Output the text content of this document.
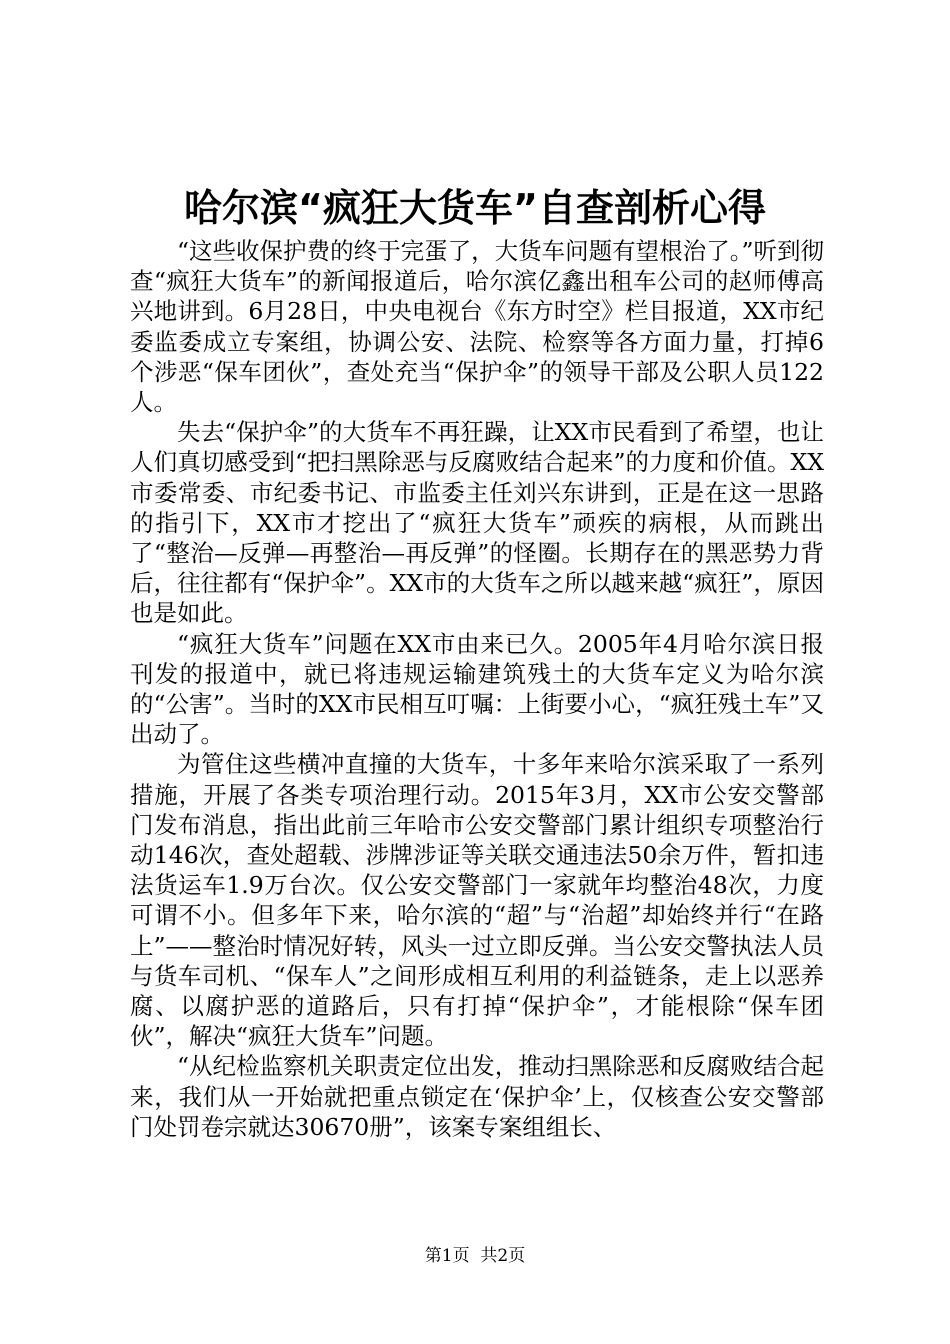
哈尔滨“疯狂大货车”自查剖析心得

“这些收保护费的终于完蛋了，大货车问题有望根治了。”听到彻查“疯狂大货车”的新闻报道后，哈尔滨亿鑫出租车公司的赵师傅高兴地讲到。6月28日，中央电视台《东方时空》栏目报道，XX市纪委监委成立专案组，协调公安、法院、检察等各方面力量，打掉6个涉恶“保车团伙”，查处充当“保护伞”的领导干部及公职人员122人。

失去“保护伞”的大货车不再狂躁，让XX市民看到了希望，也让人们真切感受到“把扫黑除恶与反腐败结合起来”的力度和价值。XX市委常委、市纪委书记、市监委主任刘兴东讲到，正是在这一思路的指引下，XX市才挖出了“疯狂大货车”顽疾的病根，从而跳出了“整治—反弹—再整治—再反弹”的怪圈。长期存在的黑恶势力背后，往往都有“保护伞”。XX市的大货车之所以越来越“疯狂”，原因也是如此。

“疯狂大货车”问题在XX市由来已久。2005年4月哈尔滨日报刊发的报道中，就已将违规运输建筑残土的大货车定义为哈尔滨的“公害”。当时的XX市民相互叮嘱：上街要小心，“疯狂残土车”又出动了。

为管住这些横冲直撞的大货车，十多年来哈尔滨采取了一系列措施，开展了各类专项治理行动。2015年3月，XX市公安交警部门发布消息，指出此前三年哈市公安交警部门累计组织专项整治行动146次，查处超载、涉牌涉证等关联交通违法50余万件，暂扣违法货运车1.9万台次。仅公安交警部门一家就年均整治48次，力度可谓不小。但多年下来，哈尔滨的“超”与“治超”却始终并行“在路上”——整治时情况好转，风头一过立即反弹。当公安交警执法人员与货车司机、“保车人”之间形成相互利用的利益链条，走上以恶养腐、以腐护恶的道路后，只有打掉“保护伞”，才能根除“保车团伙”，解决“疯狂大货车”问题。

“从纪检监察机关职责定位出发，推动扫黑除恶和反腐败结合起来，我们从一开始就把重点锁定在‘保护伞’上，仅核查公安交警部门处罚卷宗就达30670册”，该案专案组组长、

第1页 共2页
